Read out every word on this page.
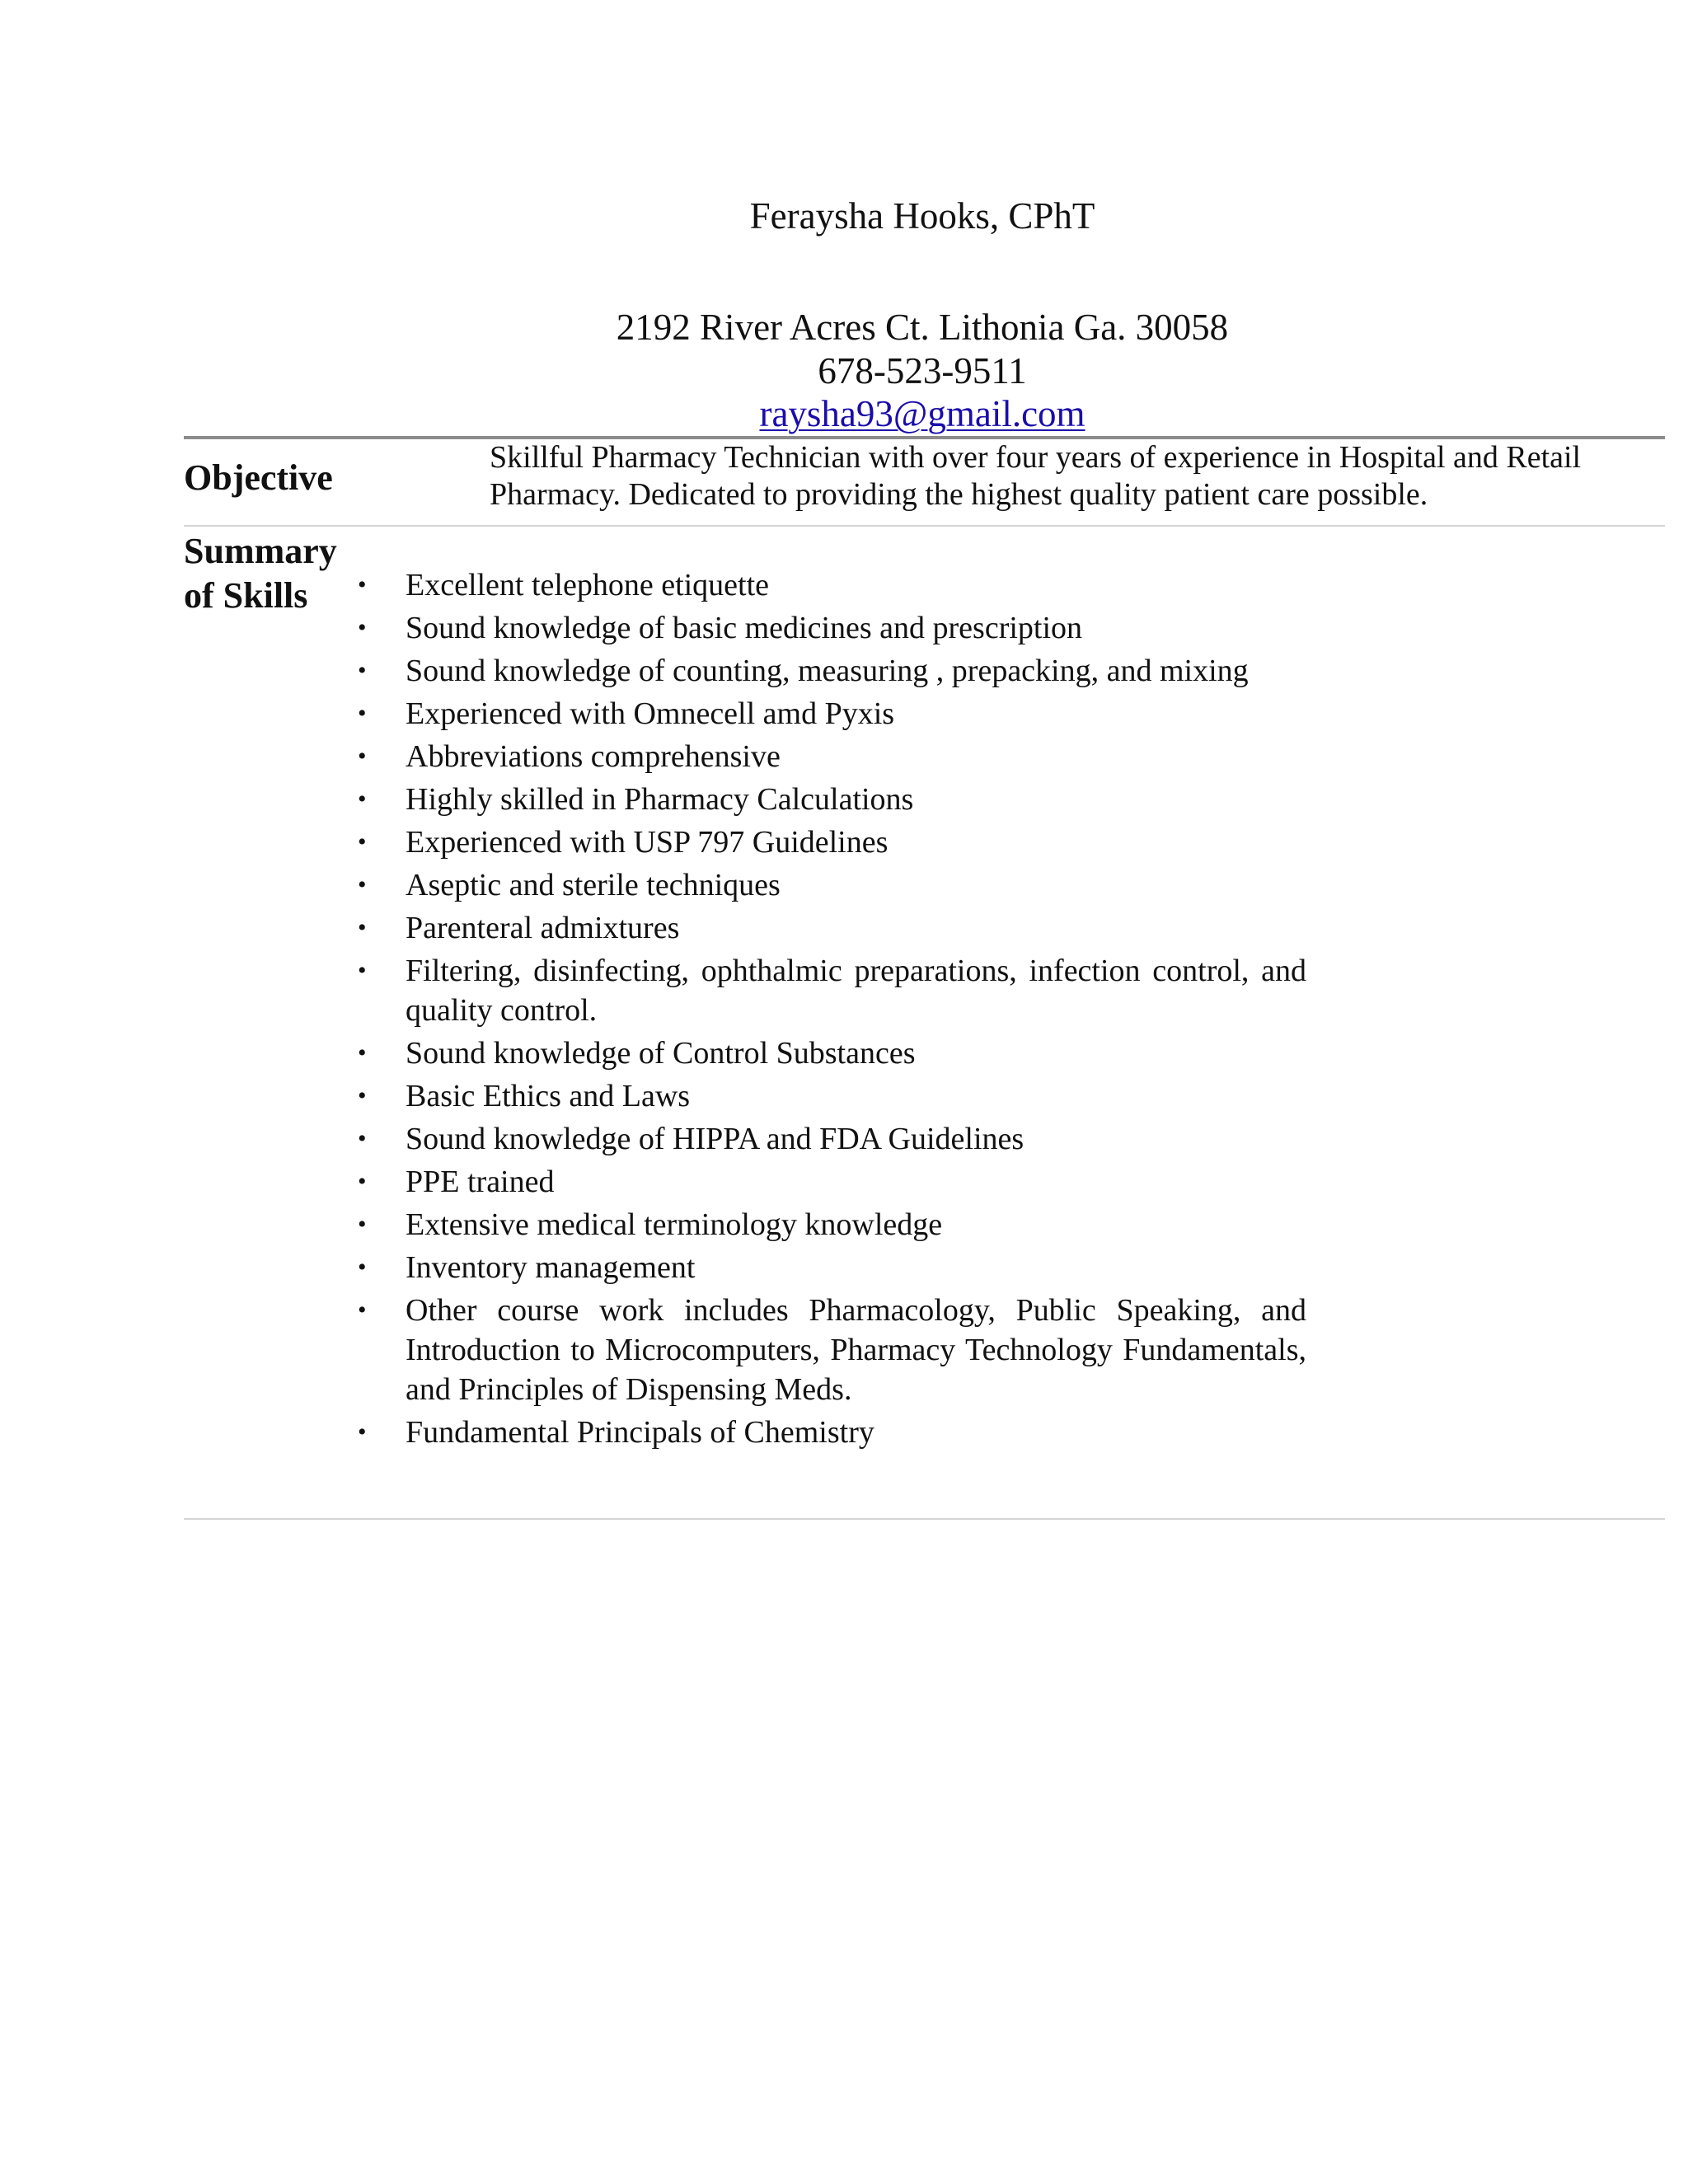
Feraysha Hooks, CPhT
2192 River Acres Ct. Lithonia Ga. 30058
678-523-9511
raysha93@gmail.com
Objective	Skillful Pharmacy Technician with over four years of experience in Hospital and Retail Pharmacy. Dedicated to providing the highest quality patient care possible.
Summary of Skills	• Excellent telephone etiquette
• Sound knowledge of basic medicines and prescription
• Sound knowledge of counting, measuring , prepacking, and mixing
• Experienced with Omnecell amd Pyxis
• Abbreviations comprehensive
• Highly skilled in Pharmacy Calculations
• Experienced with USP 797 Guidelines
• Aseptic and sterile techniques
• Parenteral admixtures
• Filtering, disinfecting, ophthalmic preparations, infection control, and quality control.
• Sound knowledge of Control Substances
• Basic Ethics and Laws
• Sound knowledge of HIPPA and FDA Guidelines
• PPE trained
• Extensive medical terminology knowledge
• Inventory management
• Other course work includes Pharmacology, Public Speaking, and Introduction to Microcomputers, Pharmacy Technology Fundamentals, and Principles of Dispensing Meds.
• Fundamental Principals of Chemistry
